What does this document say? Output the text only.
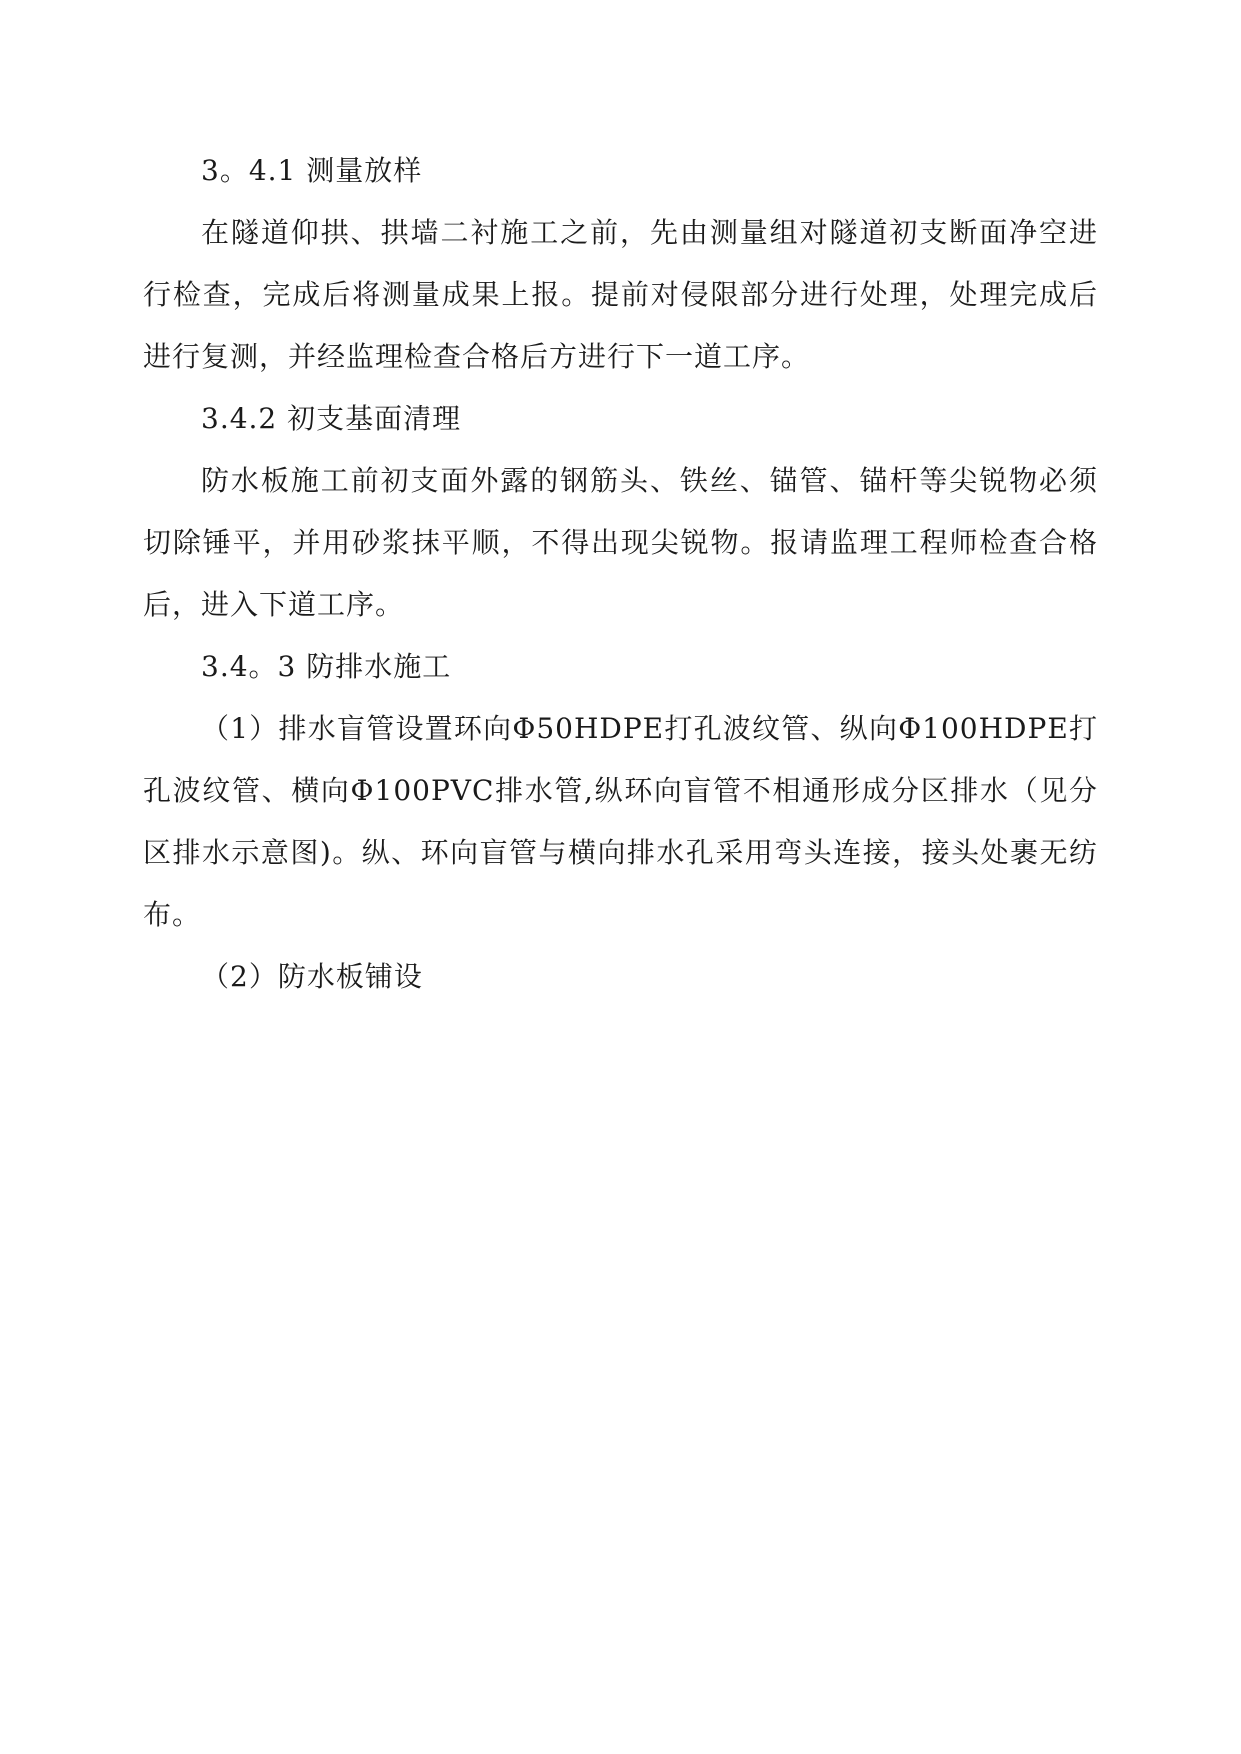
3。4.1 测量放样

在隧道仰拱、拱墙二衬施工之前，先由测量组对隧道初支断面净空进行检查，完成后将测量成果上报。提前对侵限部分进行处理，处理完成后进行复测，并经监理检查合格后方进行下一道工序。

3.4.2 初支基面清理

防水板施工前初支面外露的钢筋头、铁丝、锚管、锚杆等尖锐物必须切除锤平，并用砂浆抹平顺，不得出现尖锐物。报请监理工程师检查合格后，进入下道工序。

3.4。3 防排水施工

（1）排水盲管设置环向Φ50HDPE打孔波纹管、纵向Φ100HDPE打孔波纹管、横向Φ100PVC排水管,纵环向盲管不相通形成分区排水（见分区排水示意图)。纵、环向盲管与横向排水孔采用弯头连接，接头处裹无纺布。

（2）防水板铺设
